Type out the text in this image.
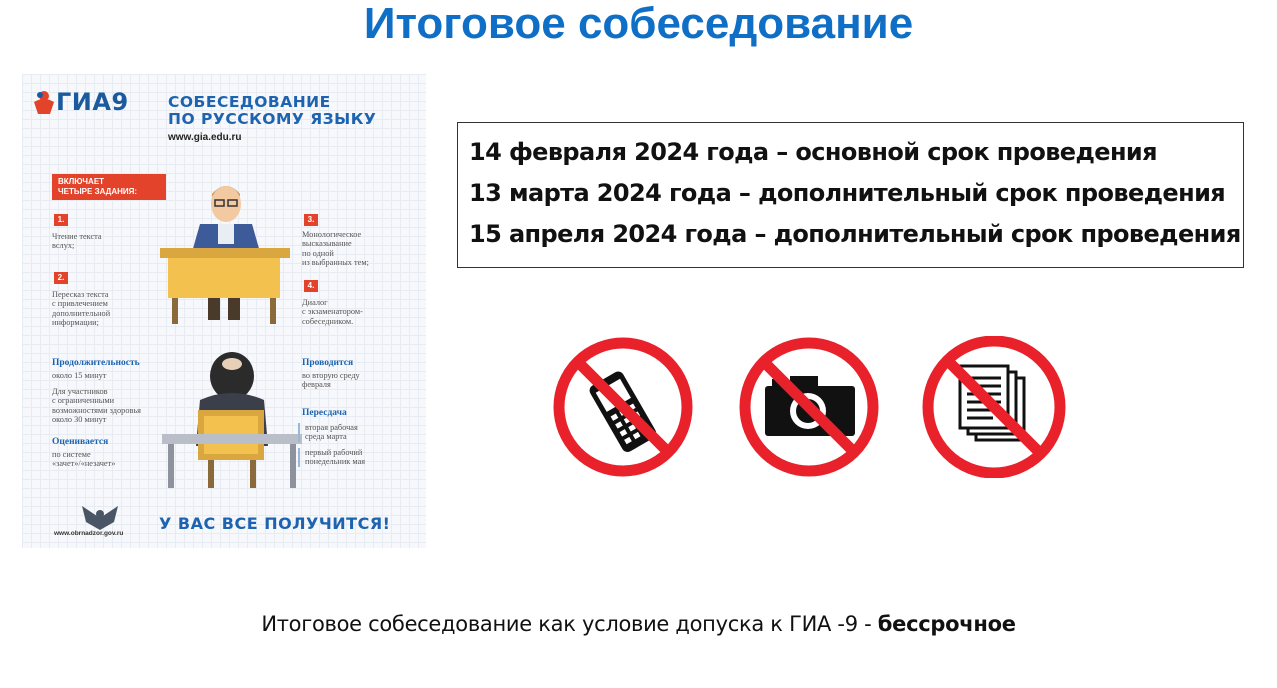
Итоговое собеседование
ГИА9	СОБЕСЕДОВАНИЕ
ПО РУССКОМУ ЯЗЫКУ
www.gia.edu.ru
ВКЛЮЧАЕТ
ЧЕТЫРЕ ЗАДАНИЯ:
1.
Чтение текста
вслух;
2.
Пересказ текста
с привлечением
дополнительной
информации;
3.
Монологическое
высказывание
по одной
из выбранных тем;
4.
Диалог
с экзаменатором-
собеседником.
Продолжительность
около 15 минут
Для участников
с ограниченными
возможностями здоровья
около 30 минут
Оценивается
по системе
«зачет»/«незачет»
Проводится
во вторую среду
февраля
Пересдача
вторая рабочая
среда марта
первый рабочий
понедельник мая
www.obrnadzor.gov.ru
У ВАС ВСЕ ПОЛУЧИТСЯ!
14 февраля 2024 года – основной срок проведения
13 марта 2024 года – дополнительный срок проведения
15 апреля 2024 года – дополнительный срок проведения
Итоговое собеседование как условие допуска к ГИА -9 - бессрочное
